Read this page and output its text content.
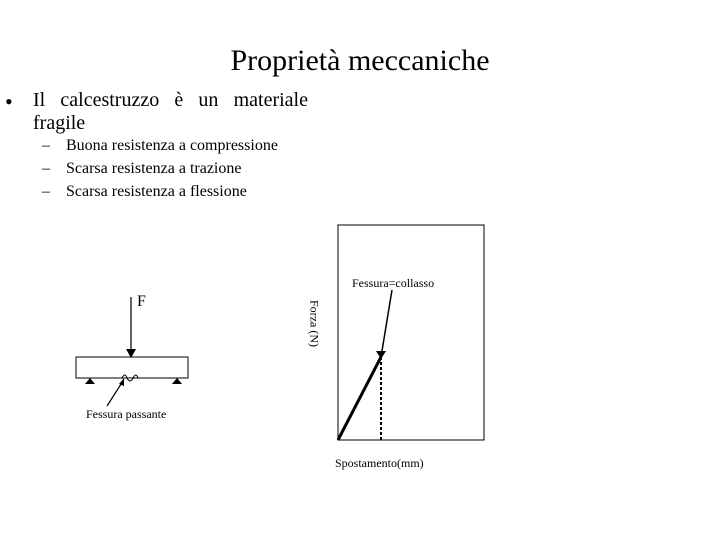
Proprietà meccaniche
• Il calcestruzzo è un materiale fragile
– Buona resistenza a compressione
– Scarsa resistenza a trazione
– Scarsa resistenza a flessione
F
Fessura passante
Fessura=collasso
Spostamento(mm)
Forza (N)
